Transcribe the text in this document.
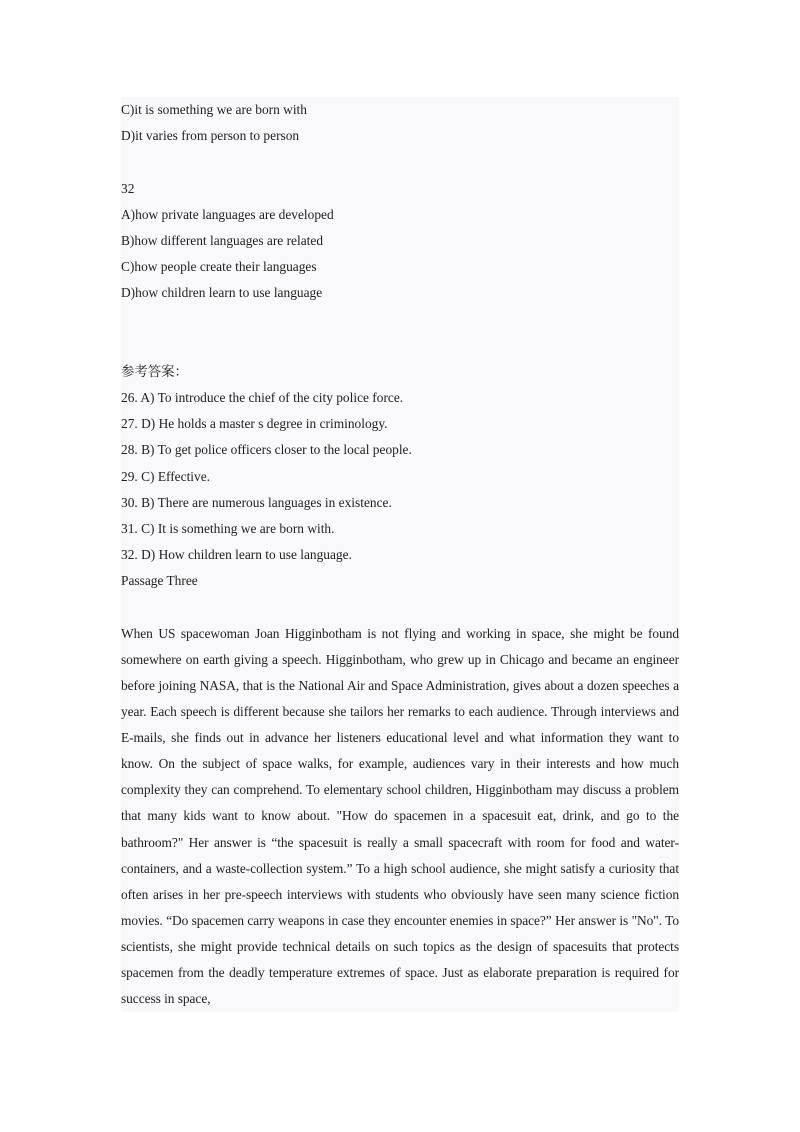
C)it is something we are born with
D)it varies from person to person
32
A)how private languages are developed
B)how different languages are related
C)how people create their languages
D)how children learn to use language
参考答案：
26. A) To introduce the chief of the city police force.
27. D) He holds a master s degree in criminology.
28. B) To get police officers closer to the local people.
29. C) Effective.
30. B) There are numerous languages in existence.
31. C) It is something we are born with.
32. D) How children learn to use language.
Passage Three
When US spacewoman Joan Higginbotham is not flying and working in space, she might be found somewhere on earth giving a speech. Higginbotham, who grew up in Chicago and became an engineer before joining NASA, that is the National Air and Space Administration, gives about a dozen speeches a year. Each speech is different because she tailors her remarks to each audience. Through interviews and E-mails, she finds out in advance her listeners educational level and what information they want to know. On the subject of space walks, for example, audiences vary in their interests and how much complexity they can comprehend. To elementary school children, Higginbotham may discuss a problem that many kids want to know about. "How do spacemen in a spacesuit eat, drink, and go to the bathroom?" Her answer is “the spacesuit is really a small spacecraft with room for food and water-containers, and a waste-collection system.” To a high school audience, she might satisfy a curiosity that often arises in her pre-speech interviews with students who obviously have seen many science fiction movies. “Do spacemen carry weapons in case they encounter enemies in space?” Her answer is "No". To scientists, she might provide technical details on such topics as the design of spacesuits that protects spacemen from the deadly temperature extremes of space. Just as elaborate preparation is required for success in space,
